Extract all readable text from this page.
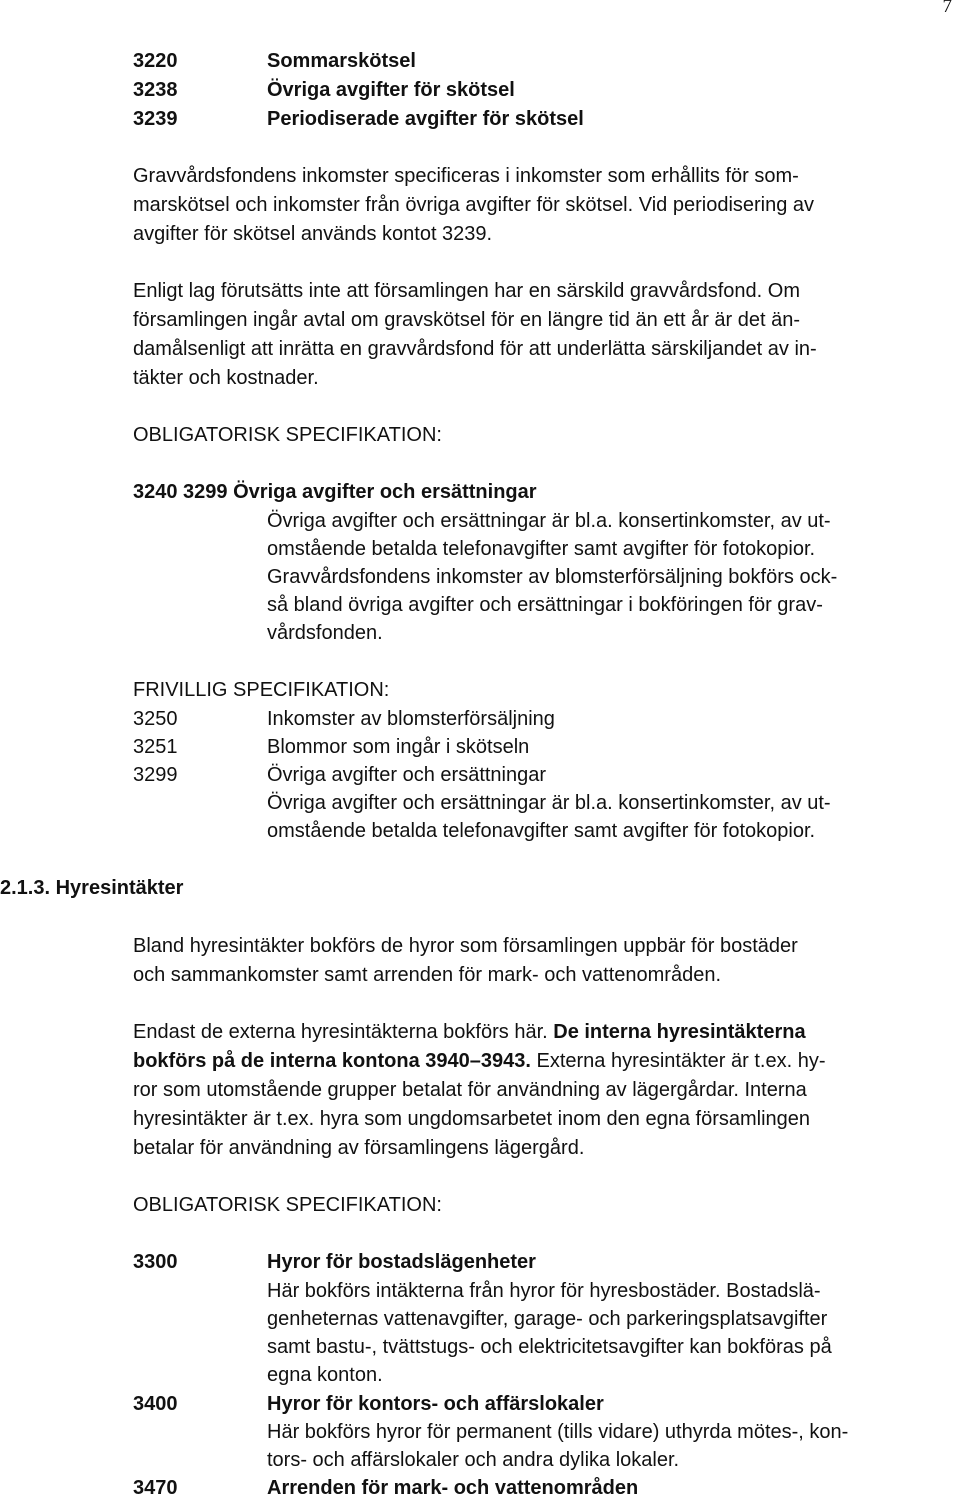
7
3220	Sommarskötsel
3238	Övriga avgifter för skötsel
3239	Periodiserade avgifter för skötsel
Gravvårdsfondens inkomster specificeras i inkomster som erhållits för som-
marskötsel och inkomster från övriga avgifter för skötsel. Vid periodisering av
avgifter för skötsel används kontot 3239.
Enligt lag förutsätts inte att församlingen har en särskild gravvårdsfond. Om
församlingen ingår avtal om gravskötsel för en längre tid än ett år är det än-
damålsenligt att inrätta en gravvårdsfond för att underlätta särskiljandet av in-
täkter och kostnader.
OBLIGATORISK SPECIFIKATION:
3240 3299 Övriga avgifter och ersättningar
Övriga avgifter och ersättningar är bl.a. konsertinkomster, av ut-
omstående betalda telefonavgifter samt avgifter för fotokopior.
Gravvårdsfondens inkomster av blomsterförsäljning bokförs ock-
så bland övriga avgifter och ersättningar i bokföringen för grav-
vårdsfonden.
FRIVILLIG SPECIFIKATION:
3250	Inkomster av blomsterförsäljning
3251	Blommor som ingår i skötseln
3299	Övriga avgifter och ersättningar
Övriga avgifter och ersättningar är bl.a. konsertinkomster, av ut-
omstående betalda telefonavgifter samt avgifter för fotokopior.
2.1.3. Hyresintäkter
Bland hyresintäkter bokförs de hyror som församlingen uppbär för bostäder
och sammankomster samt arrenden för mark- och vattenområden.
Endast de externa hyresintäkterna bokförs här. De interna hyresintäkterna
bokförs på de interna kontona 3940–3943. Externa hyresintäkter är t.ex. hy-
ror som utomstående grupper betalat för användning av lägergårdar. Interna
hyresintäkter är t.ex. hyra som ungdomsarbetet inom den egna församlingen
betalar för användning av församlingens lägergård.
OBLIGATORISK SPECIFIKATION:
3300	Hyror för bostadslägenheter
Här bokförs intäkterna från hyror för hyresbostäder. Bostadslä-
genheternas vattenavgifter, garage- och parkeringsplatsavgifter
samt bastu-, tvättstugs- och elektricitetsavgifter kan bokföras på
egna konton.
3400	Hyror för kontors- och affärslokaler
Här bokförs hyror för permanent (tills vidare) uthyrda mötes-, kon-
tors- och affärslokaler och andra dylika lokaler.
3470	Arrenden för mark- och vattenområden
